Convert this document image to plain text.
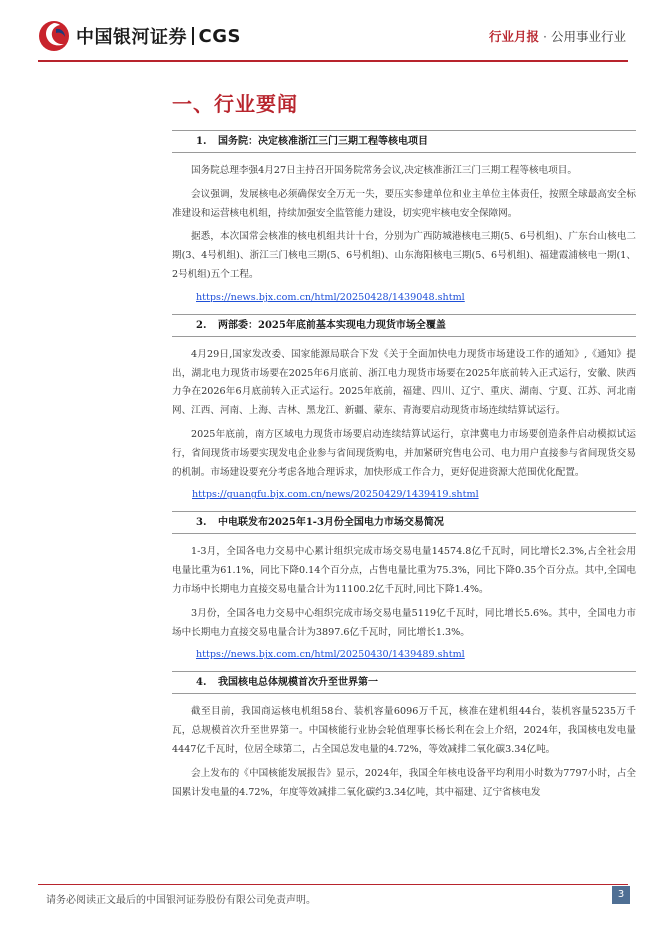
中国银河证券 CGS	行业月报 · 公用事业行业
一、行业要闻
1. 国务院：决定核准浙江三门三期工程等核电项目

国务院总理李强4月27日主持召开国务院常务会议,决定核准浙江三门三期工程等核电项目。

会议强调，发展核电必须确保安全万无一失，要压实参建单位和业主单位主体责任，按照全球最高安全标准建设和运营核电机组，持续加强安全监管能力建设，切实兜牢核电安全保障网。

据悉，本次国常会核准的核电机组共计十台，分别为广西防城港核电三期(5、6号机组)、广东台山核电二期(3、4号机组)、浙江三门核电三期(5、6号机组)、山东海阳核电三期(5、6号机组)、福建霞浦核电一期(1、2号机组)五个工程。

https://news.bjx.com.cn/html/20250428/1439048.shtml
2. 两部委：2025年底前基本实现电力现货市场全覆盖

4月29日,国家发改委、国家能源局联合下发《关于全面加快电力现货市场建设工作的通知》,《通知》提出，湖北电力现货市场要在2025年6月底前、浙江电力现货市场要在2025年底前转入正式运行，安徽、陕西力争在2026年6月底前转入正式运行。2025年底前，福建、四川、辽宁、重庆、湖南、宁夏、江苏、河北南网、江西、河南、上海、吉林、黑龙江、新疆、蒙东、青海要启动现货市场连续结算试运行。

2025年底前，南方区域电力现货市场要启动连续结算试运行，京津冀电力市场要创造条件启动模拟试运行，省间现货市场要实现发电企业参与省间现货购电，并加紧研究售电公司、电力用户直接参与省间现货交易的机制。市场建设要充分考虑各地合理诉求，加快形成工作合力，更好促进资源大范围优化配置。

https://guangfu.bjx.com.cn/news/20250429/1439419.shtml
3. 中电联发布2025年1-3月份全国电力市场交易简况

1-3月，全国各电力交易中心累计组织完成市场交易电量14574.8亿千瓦时，同比增长2.3%,占全社会用电量比重为61.1%，同比下降0.14个百分点，占售电量比重为75.3%，同比下降0.35个百分点。其中,全国电力市场中长期电力直接交易电量合计为11100.2亿千瓦时,同比下降1.4%。

3月份，全国各电力交易中心组织完成市场交易电量5119亿千瓦时，同比增长5.6%。其中，全国电力市场中长期电力直接交易电量合计为3897.6亿千瓦时，同比增长1.3%。

https://news.bjx.com.cn/html/20250430/1439489.shtml
4. 我国核电总体规模首次升至世界第一

截至目前，我国商运核电机组58台、装机容量6096万千瓦，核准在建机组44台，装机容量5235万千瓦，总规模首次升至世界第一。中国核能行业协会轮值理事长杨长利在会上介绍，2024年，我国核电发电量4447亿千瓦时，位居全球第二，占全国总发电量的4.72%，等效减排二氧化碳3.34亿吨。

会上发布的《中国核能发展报告》显示，2024年，我国全年核电设备平均利用小时数为7797小时，占全国累计发电量的4.72%，年度等效减排二氧化碳约3.34亿吨，其中福建、辽宁省核电发

请务必阅读正文最后的中国银河证券股份有限公司免责声明。
3
